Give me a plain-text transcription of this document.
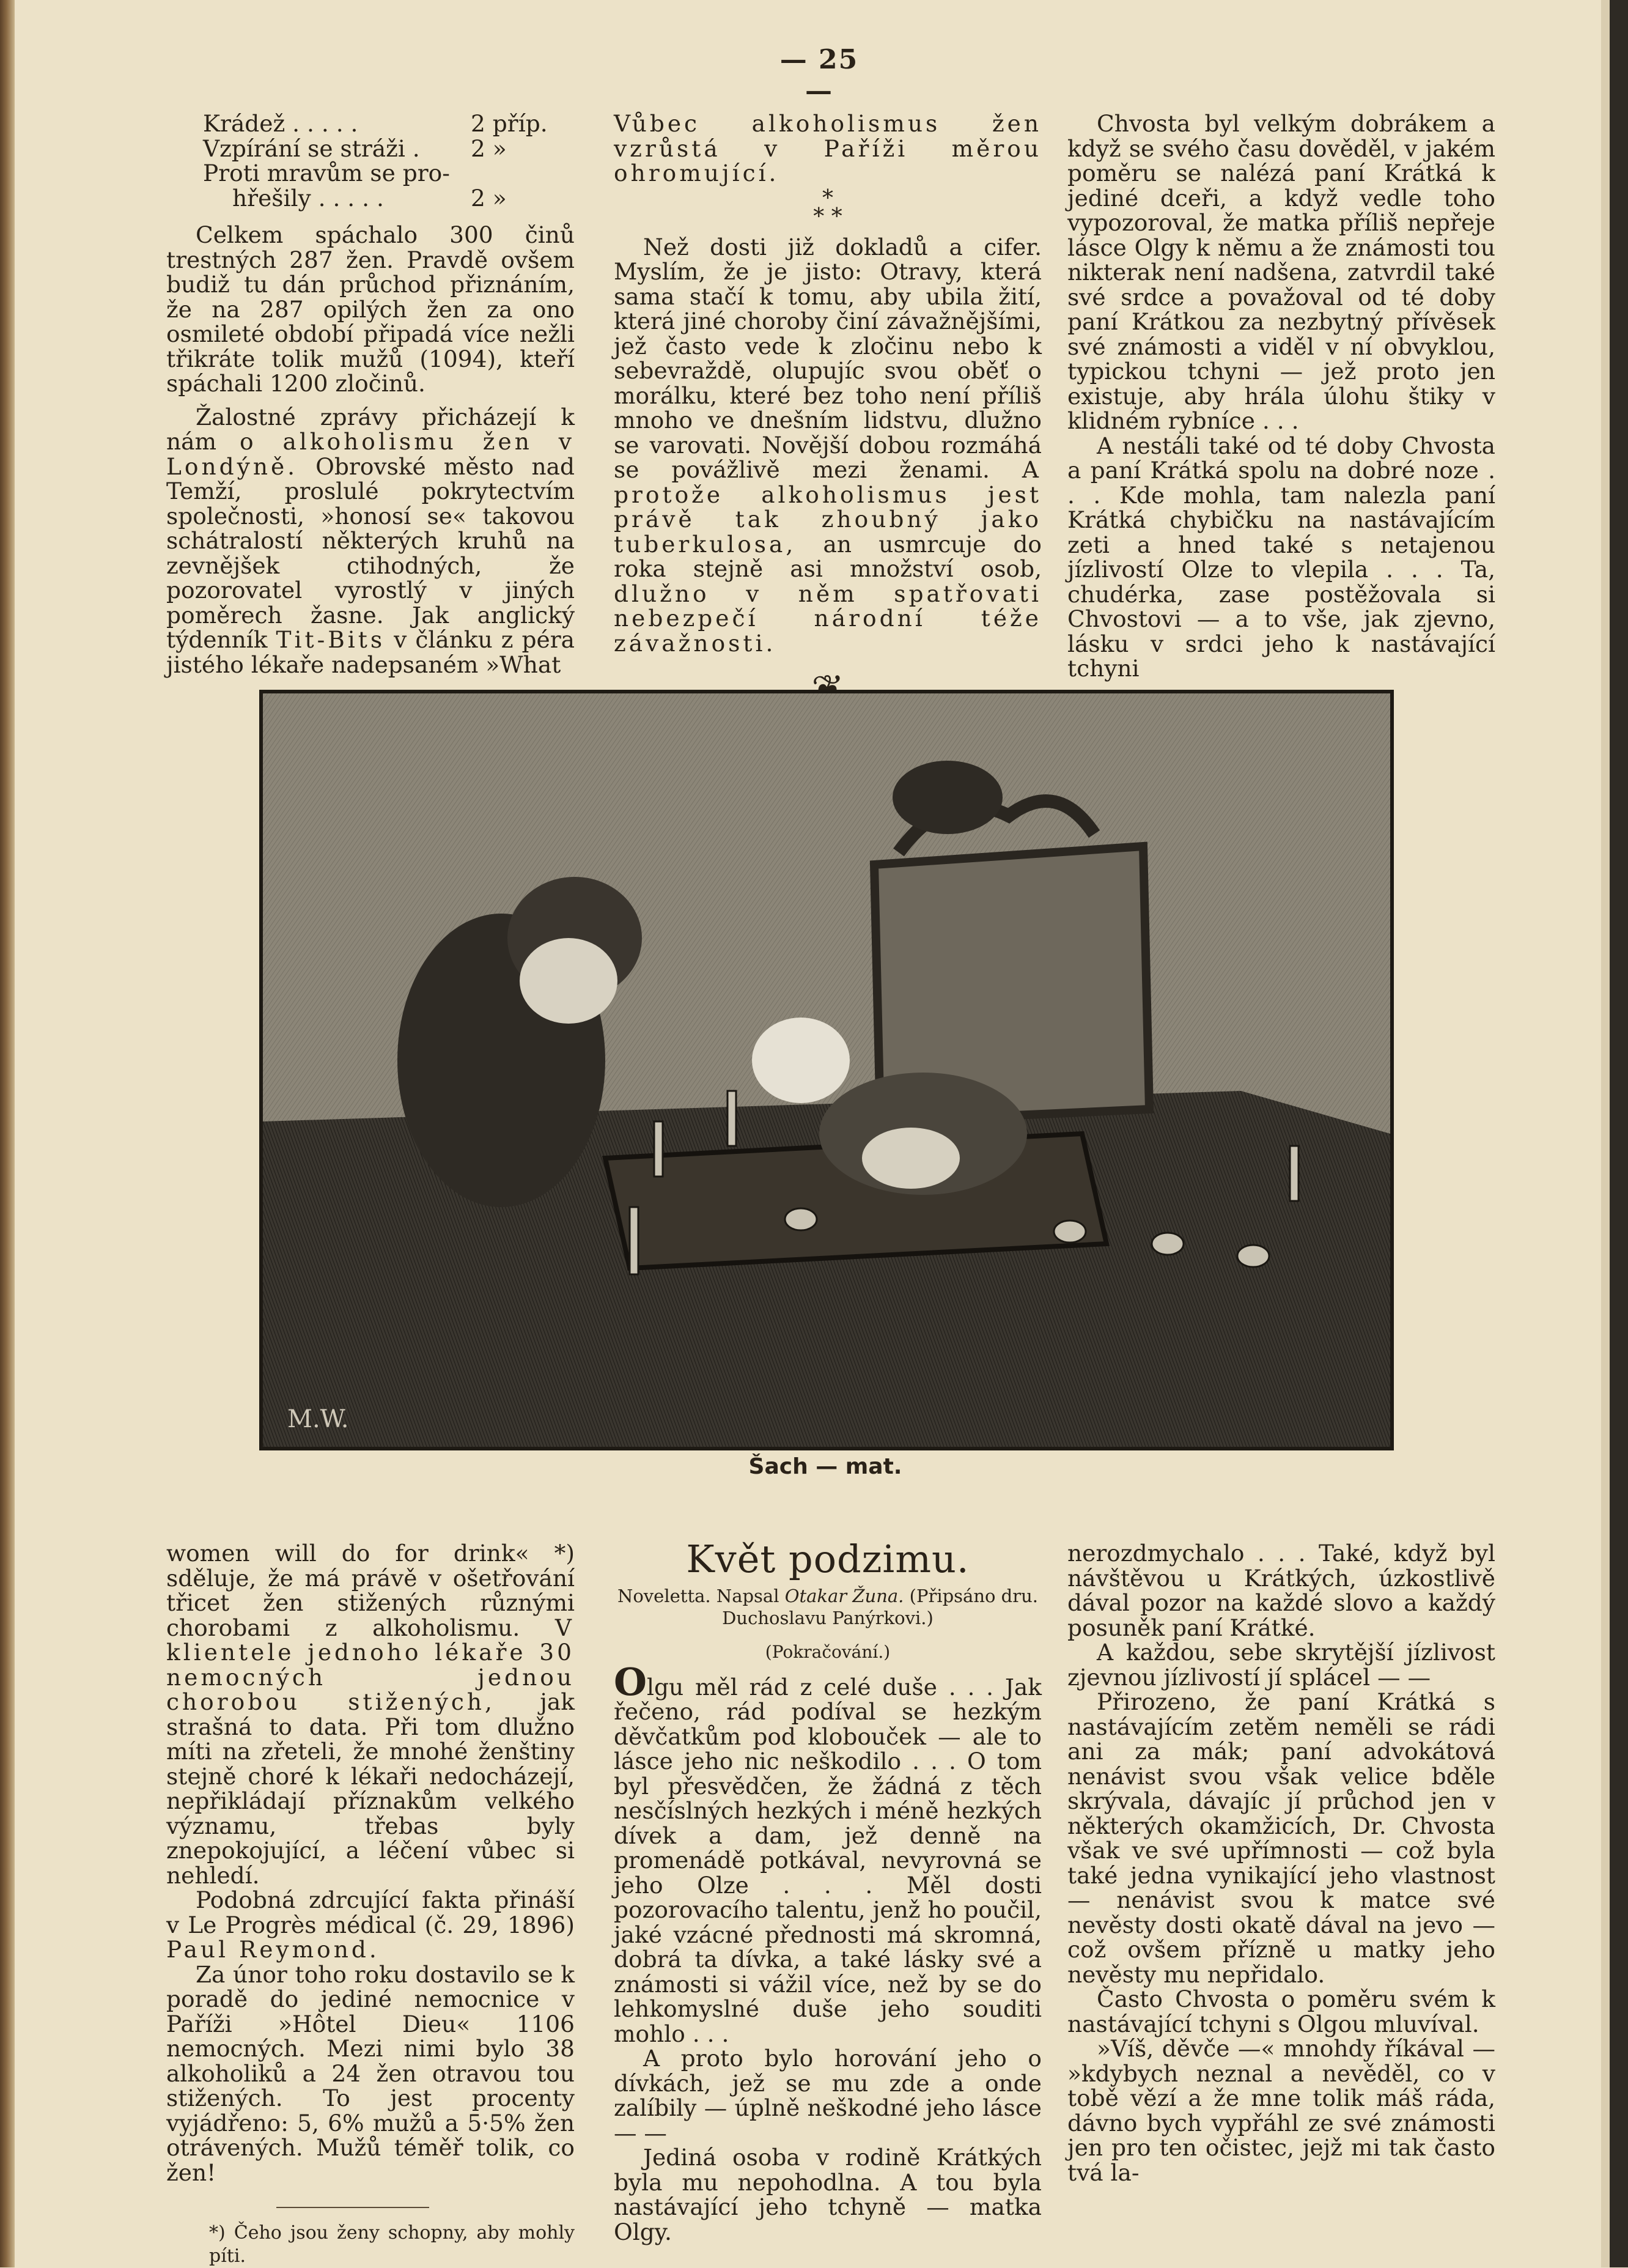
— 25 —
Krádež . . . . .	2 příp.
Vzpírání se stráži . 2 »
Proti mravům se pro-
hřešily . . . . .	2 »

Celkem spáchalo 300 činů trestných 287 žen. Pravdě ovšem budiž tu dán průchod přiznáním, že na 287 opilých žen za ono osmileté období připadá více nežli třikráte tolik mužů (1094), kteří spáchali 1200 zločinů.

Žalostné zprávy přicházejí k nám o alkoholismu žen v Londýně. Obrovské město nad Temží, proslulé pokrytectvím společnosti, »honosí se« takovou schátralostí některých kruhů na zevnějšek ctihodných, že pozorovatel vyrostlý v jiných poměrech žasne. Jak anglický týdenník Tit-Bits v článku z péra jistého lékaře nadepsaném »What

Vůbec alkoholismus žen vzrůstá v Paříži měrou ohromující.

*
* *

Než dosti již dokladů a cifer. Myslím, že je jisto: Otravy, která sama stačí k tomu, aby ubila žití, která jiné choroby činí závažnějšími, jež často vede k zločinu nebo k sebevraždě, olupujíc svou oběť o morálku, které bez toho není příliš mnoho ve dnešním lidstvu, dlužno se varovati. Novější dobou rozmáhá se povážlivě mezi ženami. A protože alkoholismus jest právě tak zhoubný jako tuberkulosa, an usmrcuje do roka stejně asi množství osob, dlužno v něm spatřovati nebezpečí národní téže závažnosti.

Chvosta byl velkým dobrákem a když se svého času dověděl, v jakém poměru se nalézá paní Krátká k jediné dceři, a když vedle toho vypozoroval, že matka příliš nepřeje lásce Olgy k němu a že známosti tou nikterak není nadšena, zatvrdil také své srdce a považoval od té doby paní Krátkou za nezbytný přívěsek své známosti a viděl v ní obvyklou, typickou tchyni — jež proto jen existuje, aby hrála úlohu štiky v klidném rybníce . . .

A nestáli také od té doby Chvosta a paní Krátká spolu na dobré noze . . . Kde mohla, tam nalezla paní Krátká chybičku na nastávajícím zeti a hned také s netajenou jízlivostí Olze to vlepila . . . Ta, chudérka, zase postěžovala si Chvostovi — a to vše, jak zjevno, lásku v srdci jeho k nastávající tchyni

M.W.
Šach — mat.

women will do for drink« *) sděluje, že má právě v ošetřování třicet žen stižených různými chorobami z alkoholismu. V klientele jednoho lékaře 30 nemocných jednou chorobou stižených, jak strašná to data. Při tom dlužno míti na zřeteli, že mnohé ženštiny stejně choré k lékaři nedocházejí, nepřikládají příznakům velkého významu, třebas byly znepokojující, a léčení vůbec si nehledí.

Podobná zdrcující fakta přináší v Le Progrès médical (č. 29, 1896) Paul Reymond.

Za únor toho roku dostavilo se k poradě do jediné nemocnice v Paříži »Hôtel Dieu« 1106 nemocných. Mezi nimi bylo 38 alkoholiků a 24 žen otravou tou stižených. To jest procenty vyjádřeno: 5, 6% mužů a 5·5% žen otrávených. Mužů téměř tolik, co žen!

*) Čeho jsou ženy schopny, aby mohly píti.

Květ podzimu.
Noveletta. Napsal Otakar Žuna. (Připsáno dru. Duchoslavu Panýrkovi.)
(Pokračování.)

Olgu měl rád z celé duše . . . Jak řečeno, rád podíval se hezkým děvčatkům pod klobouček — ale to lásce jeho nic neškodilo . . . O tom byl přesvědčen, že žádná z těch nesčíslných hezkých i méně hezkých dívek a dam, jež denně na promenádě potkával, nevyrovná se jeho Olze . . . Měl dosti pozorovacího talentu, jenž ho poučil, jaké vzácné přednosti má skromná, dobrá ta dívka, a také lásky své a známosti si vážil více, než by se do lehkomyslné duše jeho souditi mohlo . . .

A proto bylo horování jeho o dívkách, jež se mu zde a onde zalíbily — úplně neškodné jeho lásce — —

Jediná osoba v rodině Krátkých byla mu nepohodlna. A tou byla nastávající jeho tchyně — matka Olgy.

nerozdmychalo . . . Také, když byl návštěvou u Krátkých, úzkostlivě dával pozor na každé slovo a každý posuněk paní Krátké.

A každou, sebe skrytější jízlivost zjevnou jízlivostí jí splácel — —

Přirozeno, že paní Krátká s nastávajícím zetěm neměli se rádi ani za mák; paní advokátová nenávist svou však velice bděle skrývala, dávajíc jí průchod jen v některých okamžicích, Dr. Chvosta však ve své upřímnosti — což byla také jedna vynikající jeho vlastnost — nenávist svou k matce své nevěsty dosti okatě dával na jevo — což ovšem přízně u matky jeho nevěsty mu nepřidalo.

Často Chvosta o poměru svém k nastávající tchyni s Olgou mluvíval.

»Víš, děvče —« mnohdy říkával — »kdybych neznal a nevěděl, co v tobě vězí a že mne tolik máš ráda, dávno bych vypřáhl ze své známosti jen pro ten očistec, jejž mi tak často tvá la-
